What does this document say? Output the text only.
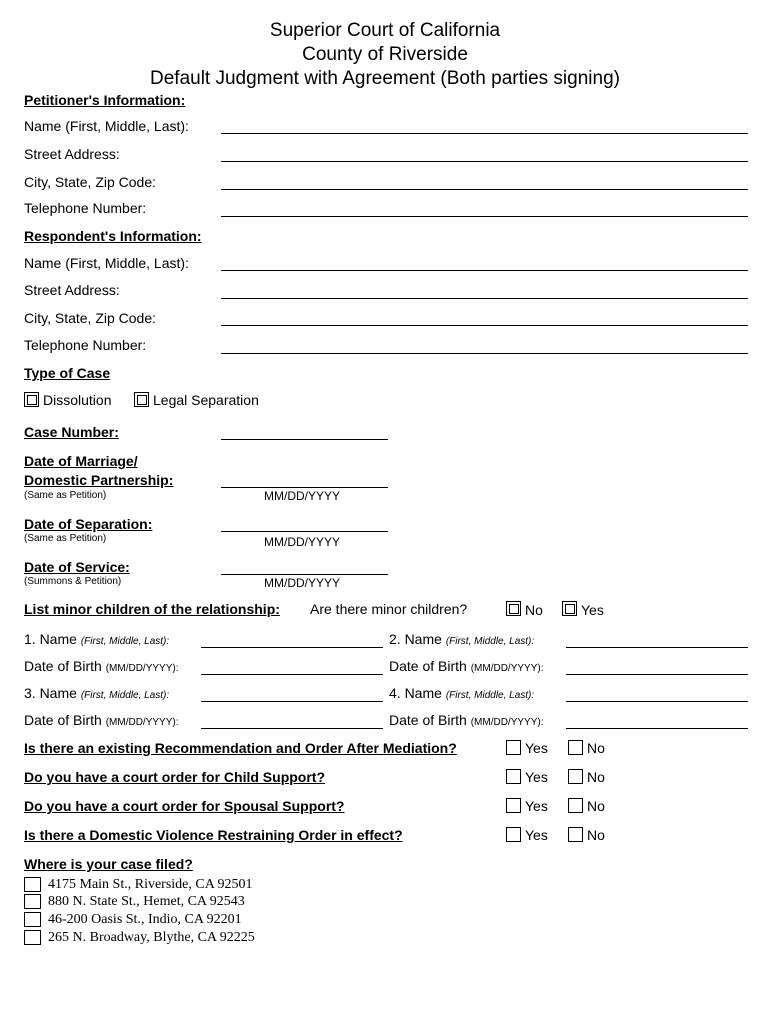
Superior Court of California
County of Riverside
Default Judgment with Agreement (Both parties signing)
Petitioner's Information:
Name (First, Middle, Last):
Street Address:
City, State, Zip Code:
Telephone Number:
Respondent's Information:
Name (First, Middle, Last):
Street Address:
City, State, Zip Code:
Telephone Number:
Type of Case
Dissolution	Legal Separation
Case Number:
Date of Marriage/
Domestic Partnership:
(Same as Petition)	MM/DD/YYYY
Date of Separation:
(Same as Petition)	MM/DD/YYYY
Date of Service:
(Summons & Petition)	MM/DD/YYYY
List minor children of the relationship: Are there minor children?	No	Yes
1. Name (First, Middle, Last):	2. Name (First, Middle, Last):
Date of Birth (MM/DD/YYYY):	Date of Birth (MM/DD/YYYY):
3. Name (First, Middle, Last):	4. Name (First, Middle, Last):
Date of Birth (MM/DD/YYYY):	Date of Birth (MM/DD/YYYY):
Is there an existing Recommendation and Order After Mediation?	Yes	No
Do you have a court order for Child Support?	Yes	No
Do you have a court order for Spousal Support?	Yes	No
Is there a Domestic Violence Restraining Order in effect?	Yes	No
Where is your case filed?
4175 Main St., Riverside, CA 92501
880 N. State St., Hemet, CA 92543
46-200 Oasis St., Indio, CA 92201
265 N. Broadway, Blythe, CA 92225
